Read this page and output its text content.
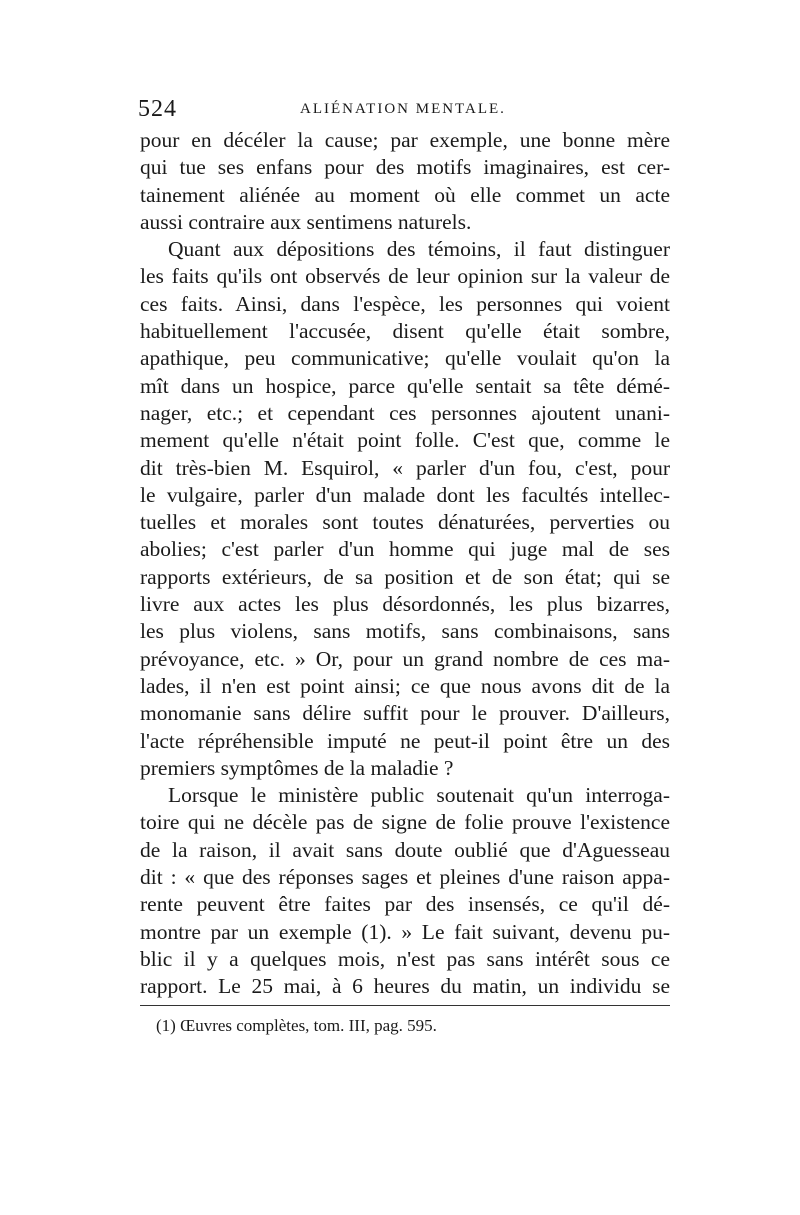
524	ALIÉNATION MENTALE.
pour en décéler la cause; par exemple, une bonne mère
qui tue ses enfans pour des motifs imaginaires, est cer-
tainement aliénée au moment où elle commet un acte
aussi contraire aux sentimens naturels.
Quant aux dépositions des témoins, il faut distinguer
les faits qu'ils ont observés de leur opinion sur la valeur de
ces faits. Ainsi, dans l'espèce, les personnes qui voient
habituellement l'accusée, disent qu'elle était sombre,
apathique, peu communicative; qu'elle voulait qu'on la
mît dans un hospice, parce qu'elle sentait sa tête démé-
nager, etc.; et cependant ces personnes ajoutent unani-
mement qu'elle n'était point folle. C'est que, comme le
dit très-bien M. Esquirol, « parler d'un fou, c'est, pour
le vulgaire, parler d'un malade dont les facultés intellec-
tuelles et morales sont toutes dénaturées, perverties ou
abolies; c'est parler d'un homme qui juge mal de ses
rapports extérieurs, de sa position et de son état; qui se
livre aux actes les plus désordonnés, les plus bizarres,
les plus violens, sans motifs, sans combinaisons, sans
prévoyance, etc. » Or, pour un grand nombre de ces ma-
lades, il n'en est point ainsi; ce que nous avons dit de la
monomanie sans délire suffit pour le prouver. D'ailleurs,
l'acte répréhensible imputé ne peut-il point être un des
premiers symptômes de la maladie ?
Lorsque le ministère public soutenait qu'un interroga-
toire qui ne décèle pas de signe de folie prouve l'existence
de la raison, il avait sans doute oublié que d'Aguesseau
dit : « que des réponses sages et pleines d'une raison appa-
rente peuvent être faites par des insensés, ce qu'il dé-
montre par un exemple (1). » Le fait suivant, devenu pu-
blic il y a quelques mois, n'est pas sans intérêt sous ce
rapport. Le 25 mai, à 6 heures du matin, un individu se
(1) Œuvres complètes, tom. III, pag. 595.
